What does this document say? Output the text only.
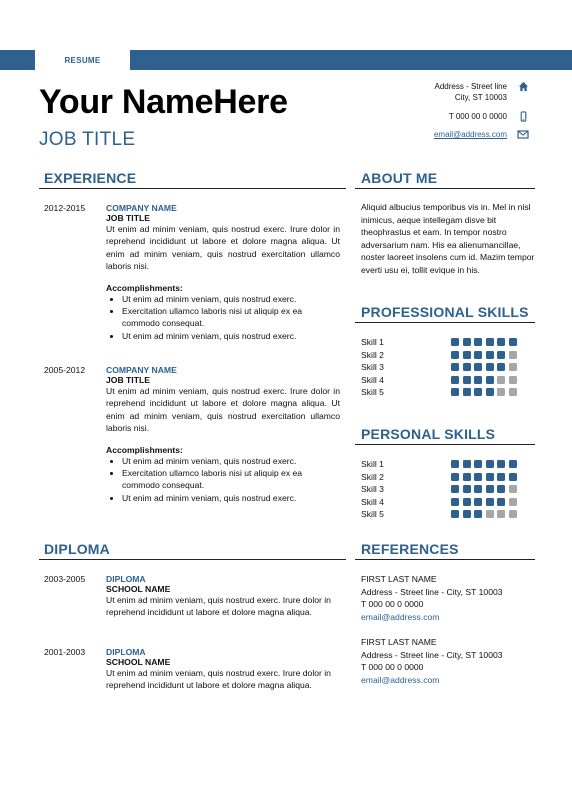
RESUME
Your NameHere
JOB TITLE
Address - Street line
City, ST 10003
T 000 00 0 0000
email@address.com
EXPERIENCE
2012-2015 COMPANY NAME
JOB TITLE
Ut enim ad minim veniam, quis nostrud exerc. Irure dolor in reprehend incididunt ut labore et dolore magna aliqua. Ut enim ad minim veniam, quis nostrud exercitation ullamco laboris nisi.
Accomplishments:
• Ut enim ad minim veniam, quis nostrud exerc.
• Exercitation ullamco laboris nisi ut aliquip ex ea commodo consequat.
• Ut enim ad minim veniam, quis nostrud exerc.
2005-2012 COMPANY NAME
JOB TITLE
Ut enim ad minim veniam, quis nostrud exerc. Irure dolor in reprehend incididunt ut labore et dolore magna aliqua. Ut enim ad minim veniam, quis nostrud exercitation ullamco laboris nisi.
Accomplishments:
• Ut enim ad minim veniam, quis nostrud exerc.
• Exercitation ullamco laboris nisi ut aliquip ex ea commodo consequat.
• Ut enim ad minim veniam, quis nostrud exerc.
ABOUT ME
Aliquid albucius temporibus vis in. Mel in nisl inimicus, aeque intellegam disve bit theophrastus et eam. In tempor nostro adversarium nam. His ea alienumancillae, noster laoreet insolens cum id. Mazim tempor everti usu ei, tollit evique in his.
PROFESSIONAL SKILLS
Skill 1
Skill 2
Skill 3
Skill 4
Skill 5
PERSONAL SKILLS
Skill 1
Skill 2
Skill 3
Skill 4
Skill 5
DIPLOMA
2003-2005 DIPLOMA
SCHOOL NAME
Ut enim ad minim veniam, quis nostrud exerc. Irure dolor in reprehend incididunt ut labore et dolore magna aliqua.
2001-2003 DIPLOMA
SCHOOL NAME
Ut enim ad minim veniam, quis nostrud exerc. Irure dolor in reprehend incididunt ut labore et dolore magna aliqua.
REFERENCES
FIRST LAST NAME
Address - Street line - City, ST 10003
T 000 00 0 0000
email@address.com
FIRST LAST NAME
Address - Street line - City, ST 10003
T 000 00 0 0000
email@address.com
